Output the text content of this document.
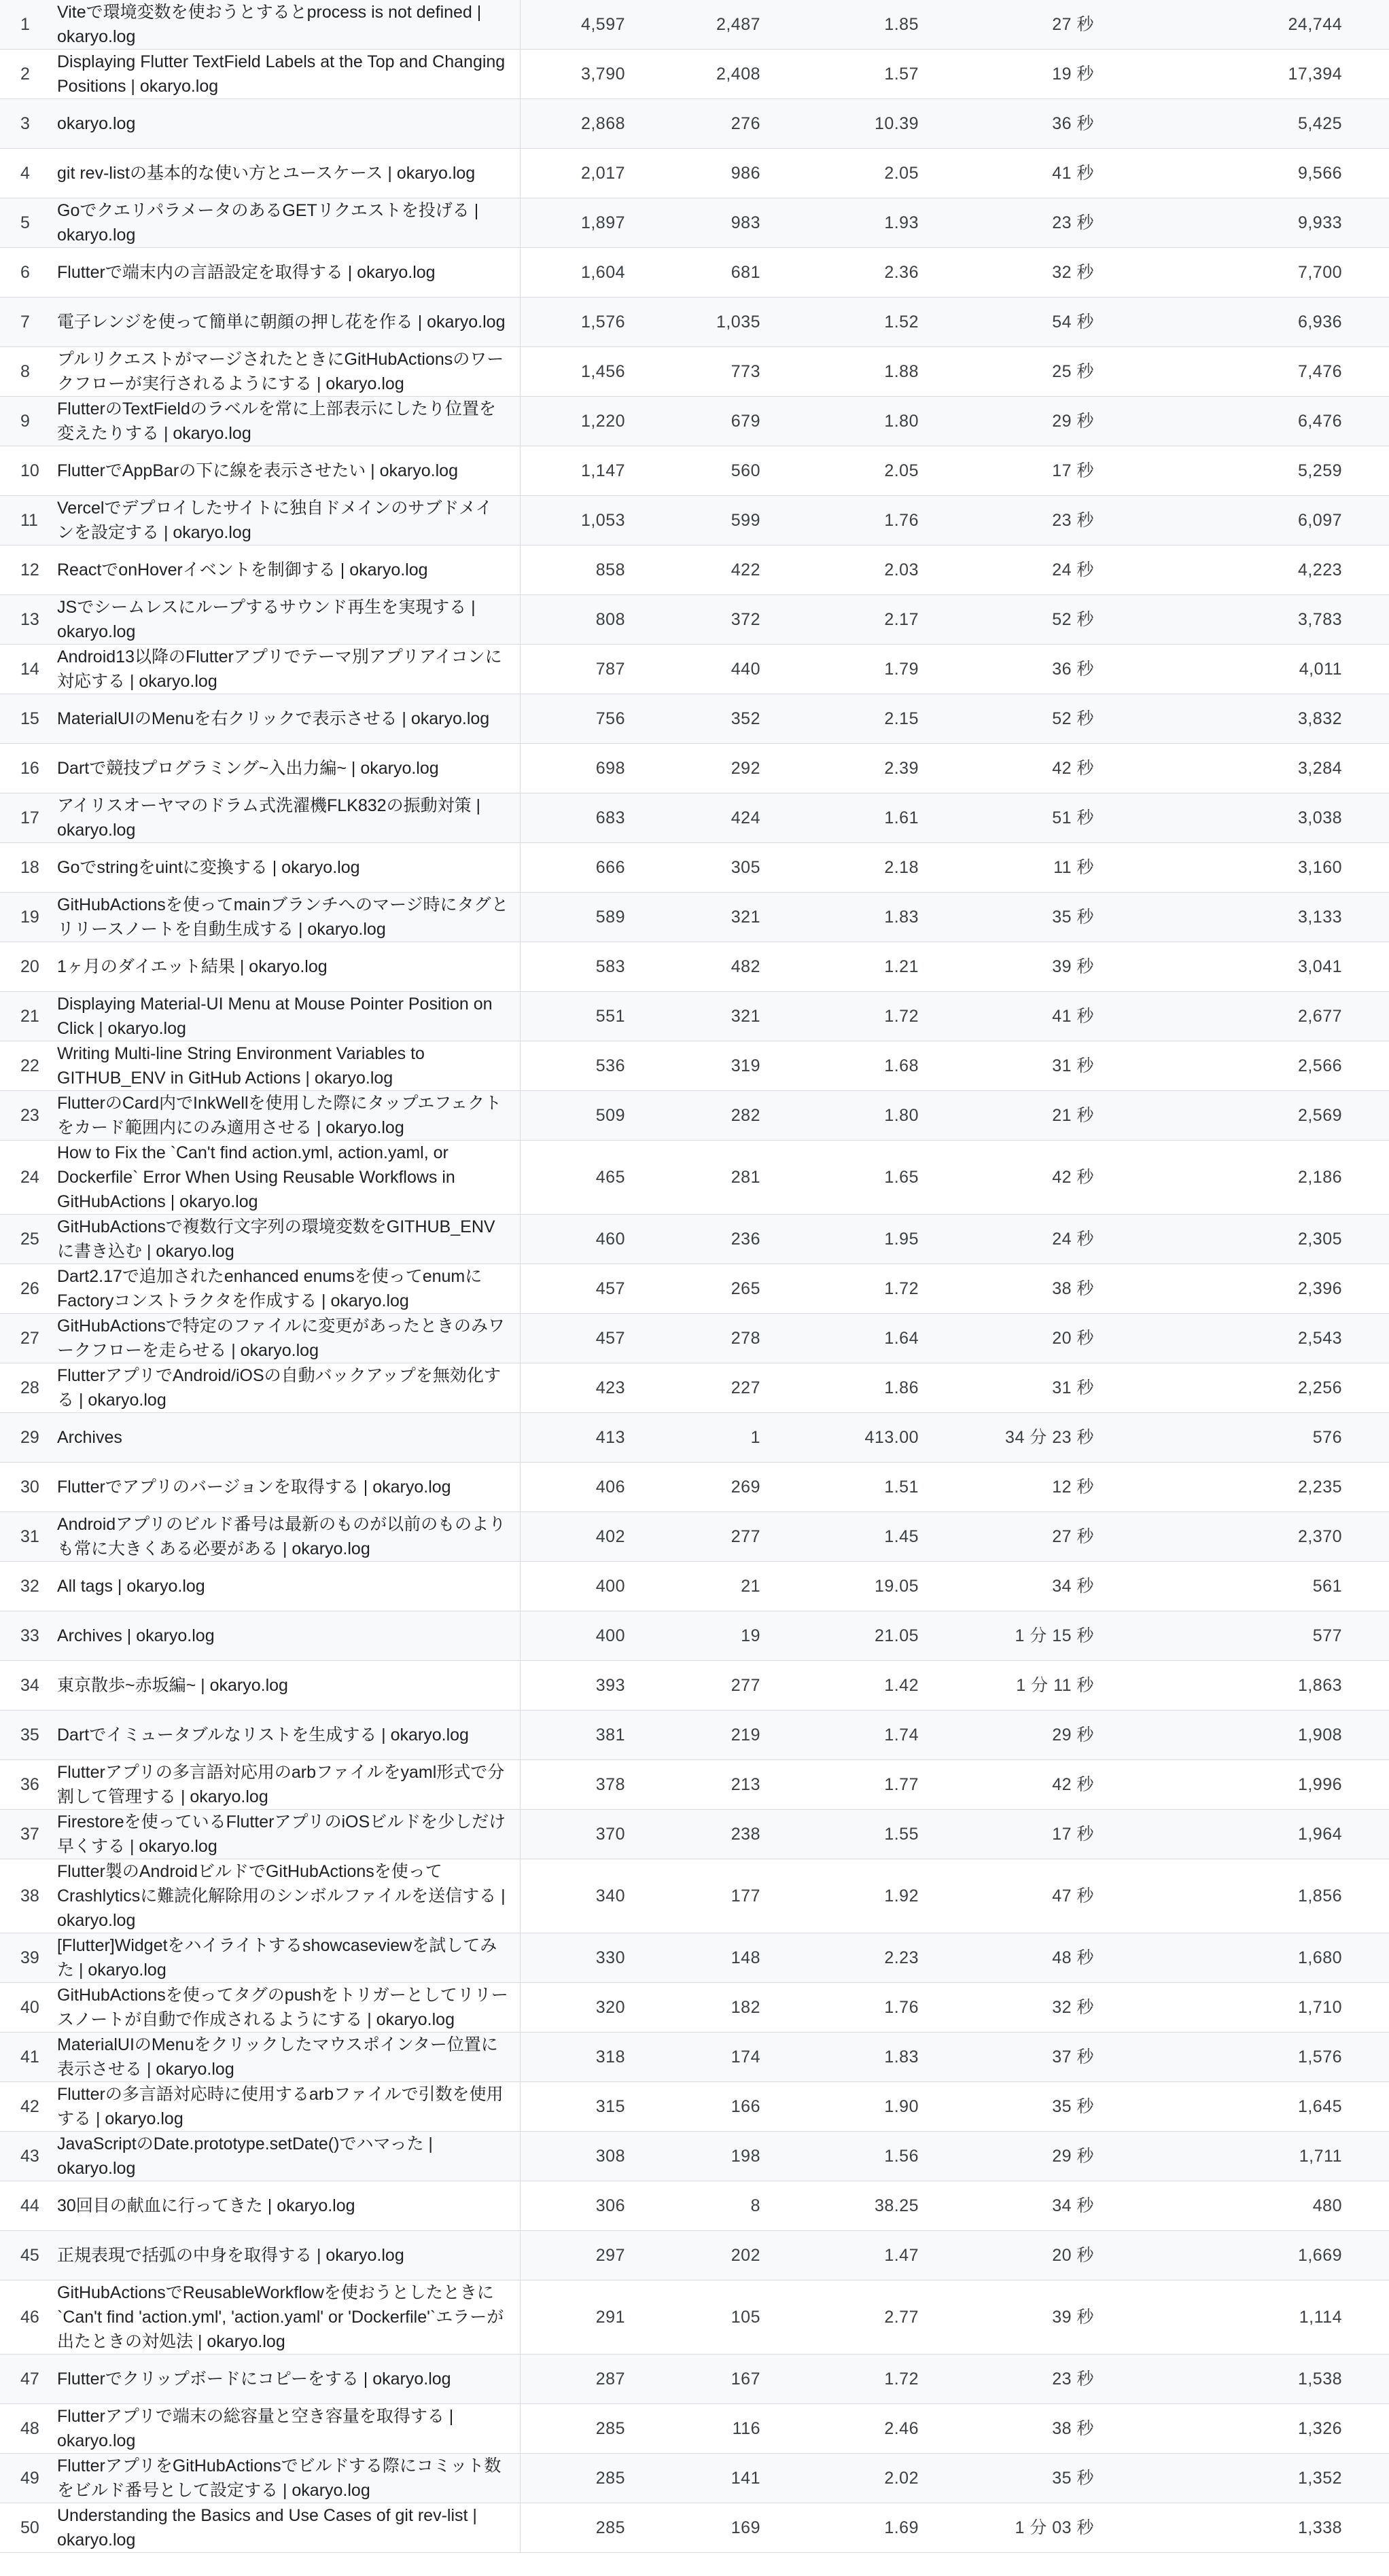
1	Viteで環境変数を使おうとするとprocess is not defined | okaryo.log	4,597	2,487	1.85	27 秒	24,744	
2	Displaying Flutter TextField Labels at the Top and Changing Positions | okaryo.log	3,790	2,408	1.57	19 秒	17,394	
3	okaryo.log	2,868	276	10.39	36 秒	5,425	
4	git rev-listの基本的な使い方とユースケース | okaryo.log	2,017	986	2.05	41 秒	9,566	
5	GoでクエリパラメータのあるGETリクエストを投げる | okaryo.log	1,897	983	1.93	23 秒	9,933	
6	Flutterで端末内の言語設定を取得する | okaryo.log	1,604	681	2.36	32 秒	7,700	
7	電子レンジを使って簡単に朝顔の押し花を作る | okaryo.log	1,576	1,035	1.52	54 秒	6,936	
8	プルリクエストがマージされたときにGitHubActionsのワークフローが実行されるようにする | okaryo.log	1,456	773	1.88	25 秒	7,476	
9	FlutterのTextFieldのラベルを常に上部表示にしたり位置を変えたりする | okaryo.log	1,220	679	1.80	29 秒	6,476	
10	FlutterでAppBarの下に線を表示させたい | okaryo.log	1,147	560	2.05	17 秒	5,259	
11	Vercelでデプロイしたサイトに独自ドメインのサブドメインを設定する | okaryo.log	1,053	599	1.76	23 秒	6,097	
12	ReactでonHoverイベントを制御する | okaryo.log	858	422	2.03	24 秒	4,223	
13	JSでシームレスにループするサウンド再生を実現する | okaryo.log	808	372	2.17	52 秒	3,783	
14	Android13以降のFlutterアプリでテーマ別アプリアイコンに対応する | okaryo.log	787	440	1.79	36 秒	4,011	
15	MaterialUIのMenuを右クリックで表示させる | okaryo.log	756	352	2.15	52 秒	3,832	
16	Dartで競技プログラミング~入出力編~ | okaryo.log	698	292	2.39	42 秒	3,284	
17	アイリスオーヤマのドラム式洗濯機FLK832の振動対策 | okaryo.log	683	424	1.61	51 秒	3,038	
18	Goでstringをuintに変換する | okaryo.log	666	305	2.18	11 秒	3,160	
19	GitHubActionsを使ってmainブランチへのマージ時にタグとリリースノートを自動生成する | okaryo.log	589	321	1.83	35 秒	3,133	
20	1ヶ月のダイエット結果 | okaryo.log	583	482	1.21	39 秒	3,041	
21	Displaying Material-UI Menu at Mouse Pointer Position on Click | okaryo.log	551	321	1.72	41 秒	2,677	
22	Writing Multi-line String Environment Variables to GITHUB_ENV in GitHub Actions | okaryo.log	536	319	1.68	31 秒	2,566	
23	FlutterのCard内でInkWellを使用した際にタップエフェクトをカード範囲内にのみ適用させる | okaryo.log	509	282	1.80	21 秒	2,569	
24	How to Fix the `Can't find action.yml, action.yaml, or Dockerfile` Error When Using Reusable Workflows in GitHubActions | okaryo.log	465	281	1.65	42 秒	2,186	
25	GitHubActionsで複数行文字列の環境変数をGITHUB_ENVに書き込む | okaryo.log	460	236	1.95	24 秒	2,305	
26	Dart2.17で追加されたenhanced enumsを使ってenumにFactoryコンストラクタを作成する | okaryo.log	457	265	1.72	38 秒	2,396	
27	GitHubActionsで特定のファイルに変更があったときのみワークフローを走らせる | okaryo.log	457	278	1.64	20 秒	2,543	
28	FlutterアプリでAndroid/iOSの自動バックアップを無効化する | okaryo.log	423	227	1.86	31 秒	2,256	
29	Archives	413	1	413.00	34 分 23 秒	576	
30	Flutterでアプリのバージョンを取得する | okaryo.log	406	269	1.51	12 秒	2,235	
31	Androidアプリのビルド番号は最新のものが以前のものよりも常に大きくある必要がある | okaryo.log	402	277	1.45	27 秒	2,370	
32	All tags | okaryo.log	400	21	19.05	34 秒	561	
33	Archives | okaryo.log	400	19	21.05	1 分 15 秒	577	
34	東京散歩~赤坂編~ | okaryo.log	393	277	1.42	1 分 11 秒	1,863	
35	Dartでイミュータブルなリストを生成する | okaryo.log	381	219	1.74	29 秒	1,908	
36	Flutterアプリの多言語対応用のarbファイルをyaml形式で分割して管理する | okaryo.log	378	213	1.77	42 秒	1,996	
37	Firestoreを使っているFlutterアプリのiOSビルドを少しだけ早くする | okaryo.log	370	238	1.55	17 秒	1,964	
38	Flutter製のAndroidビルドでGitHubActionsを使ってCrashlyticsに難読化解除用のシンボルファイルを送信する | okaryo.log	340	177	1.92	47 秒	1,856	
39	[Flutter]Widgetをハイライトするshowcaseviewを試してみた | okaryo.log	330	148	2.23	48 秒	1,680	
40	GitHubActionsを使ってタグのpushをトリガーとしてリリースノートが自動で作成されるようにする | okaryo.log	320	182	1.76	32 秒	1,710	
41	MaterialUIのMenuをクリックしたマウスポインター位置に表示させる | okaryo.log	318	174	1.83	37 秒	1,576	
42	Flutterの多言語対応時に使用するarbファイルで引数を使用する | okaryo.log	315	166	1.90	35 秒	1,645	
43	JavaScriptのDate.prototype.setDate()でハマった | okaryo.log	308	198	1.56	29 秒	1,711	
44	30回目の献血に行ってきた | okaryo.log	306	8	38.25	34 秒	480	
45	正規表現で括弧の中身を取得する | okaryo.log	297	202	1.47	20 秒	1,669	
46	GitHubActionsでReusableWorkflowを使おうとしたときに`Can't find 'action.yml', 'action.yaml' or 'Dockerfile'`エラーが出たときの対処法 | okaryo.log	291	105	2.77	39 秒	1,114	
47	Flutterでクリップボードにコピーをする | okaryo.log	287	167	1.72	23 秒	1,538	
48	Flutterアプリで端末の総容量と空き容量を取得する | okaryo.log	285	116	2.46	38 秒	1,326	
49	FlutterアプリをGitHubActionsでビルドする際にコミット数をビルド番号として設定する | okaryo.log	285	141	2.02	35 秒	1,352	
50	Understanding the Basics and Use Cases of git rev-list | okaryo.log	285	169	1.69	1 分 03 秒	1,338	
